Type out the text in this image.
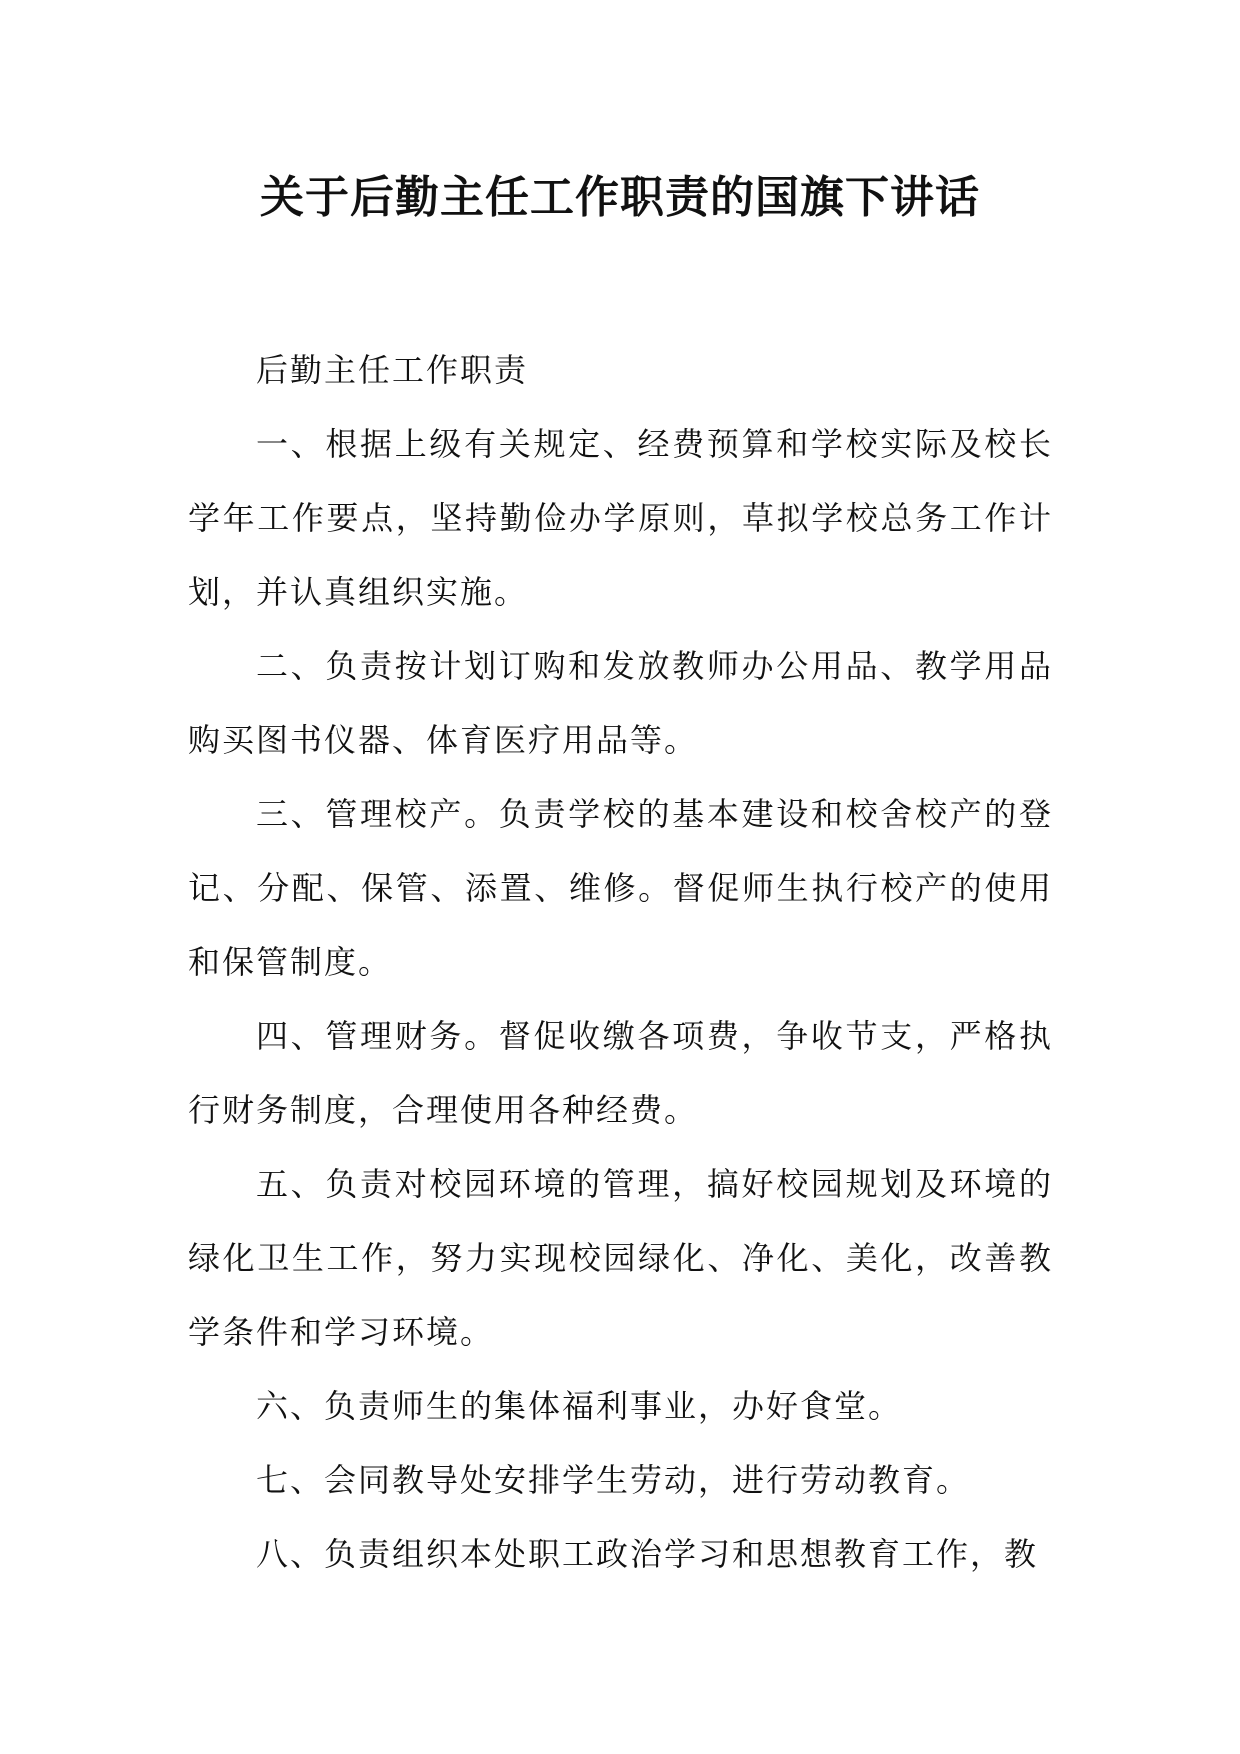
关于后勤主任工作职责的国旗下讲话

后勤主任工作职责

一、根据上级有关规定、经费预算和学校实际及校长学年工作要点，坚持勤俭办学原则，草拟学校总务工作计划，并认真组织实施。

二、负责按计划订购和发放教师办公用品、教学用品购买图书仪器、体育医疗用品等。

三、管理校产。负责学校的基本建设和校舍校产的登记、分配、保管、添置、维修。督促师生执行校产的使用和保管制度。

四、管理财务。督促收缴各项费，争收节支，严格执行财务制度，合理使用各种经费。

五、负责对校园环境的管理，搞好校园规划及环境的绿化卫生工作，努力实现校园绿化、净化、美化，改善教学条件和学习环境。

六、负责师生的集体福利事业，办好食堂。

七、会同教导处安排学生劳动，进行劳动教育。

八、负责组织本处职工政治学习和思想教育工作，教
